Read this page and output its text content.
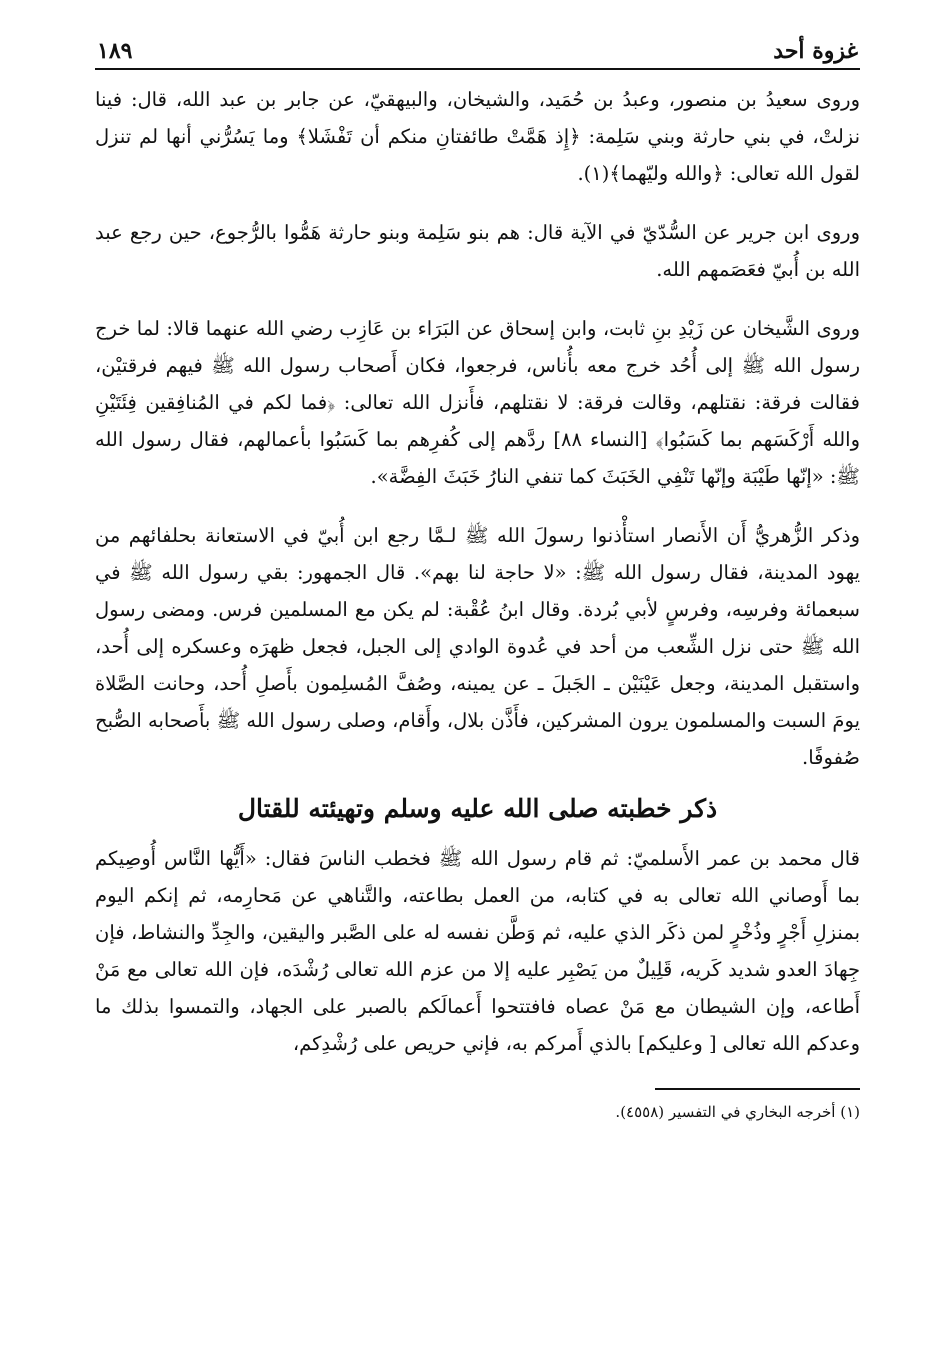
غزوة أحد
١٨٩

وروى سعيدُ بن منصور، وعبدُ بن حُمَيد، والشيخان، والبيهقيّ، عن جابر بن عبد الله، قال: فينا نزلتْ، في بني حارثة وبني سَلِمة: ﴿إِذ هَمَّتْ طائفتانِ منكم أن تَفْشَلا﴾ وما يَسُرُّني أنها لم تنزل لقول الله تعالى: ﴿والله وليّهما﴾(١).

وروى ابن جرير عن السُّدّيّ في الآية قال: هم بنو سَلِمة وبنو حارثة هَمُّوا بالرُّجوع، حين رجع عبد الله بن أُبيّ فعَصَمهم الله.

وروى الشَّيخان عن زَيْدِ بنِ ثابت، وابن إسحاق عن البَرَاء بن عَازِب رضي الله عنهما قالا: لما خرج رسول الله ﷺ إلى أُحُد خرج معه بأُناس، فرجعوا، فكان أَصحاب رسول الله ﷺ فيهم فرقتيْن، فقالت فرقة: نقتلهم، وقالت فرقة: لا نقتلهم، فأَنزل الله تعالى: ﴿فما لكم في المُنافِقين فِئَتَيْنِ والله أَرْكَسَهم بما كَسَبُوا﴾ [النساء ٨٨] ردَّهم إلى كُفرِهم بما كَسَبُوا بأعمالهم، فقال رسول الله ﷺ: «إنّها طَيْبَة وإنّها تَنْفِي الخَبَثَ كما تنفي النارُ خَبَثَ الفِضَّة».

وذكر الزُّهريُّ أَن الأَنصار استأْذنوا رسولَ الله ﷺ لـمَّا رجع ابن أُبيّ في الاستعانة بحلفائهم من يهود المدينة، فقال رسول الله ﷺ: «لا حاجة لنا بهم». قال الجمهور: بقي رسول الله ﷺ في سبعمائة وفرسِه، وفرسٍ لأبي بُردة. وقال ابنُ عُقْبة: لم يكن مع المسلمين فرس. ومضى رسول الله ﷺ حتى نزل الشِّعب من أحد في عُدوة الوادي إلى الجبل، فجعل ظهرَه وعسكره إلى أُحد، واستقبل المدينة، وجعل عَيْنَيْن ـ الجَبلَ ـ عن يمينه، وصُفَّ المُسلِمون بأَصلِ أُحد، وحانت الصَّلاة يومَ السبت والمسلمون يرون المشركين، فأَذَّن بلال، وأَقام، وصلى رسول الله ﷺ بأَصحابه الصُّبح صُفوفًا.

ذكر خطبته صلى الله عليه وسلم وتهيئته للقتال

قال محمد بن عمر الأَسلميّ: ثم قام رسول الله ﷺ فخطب الناسَ فقال: «أَيُّها النَّاس أُوصِيكم بما أَوصاني الله تعالى به في كتابه، من العمل بطاعته، والتَّناهي عن مَحارِمه، ثم إنكم اليوم بمنزلِ أَجْرٍ وذُخْرٍ لمن ذكَر الذي عليه، ثم وَطَّن نفسه له على الصَّبر واليقين، والجِدِّ والنشاط، فإن جِهادَ العدو شديد كَريه، قَلِيلٌ من يَصْبِر عليه إلا من عزم الله تعالى رُشْدَه، فإن الله تعالى مع مَنْ أَطاعه، وإن الشيطان مع مَنْ عصاه فافتتحوا أَعمالَكم بالصبر على الجهاد، والتمسوا بذلك ما وعدكم الله تعالى [ وعليكم] بالذي أَمركم به، فإني حريص على رُشْدِكم،

(١) أخرجه البخاري في التفسير (٤٥٥٨).
